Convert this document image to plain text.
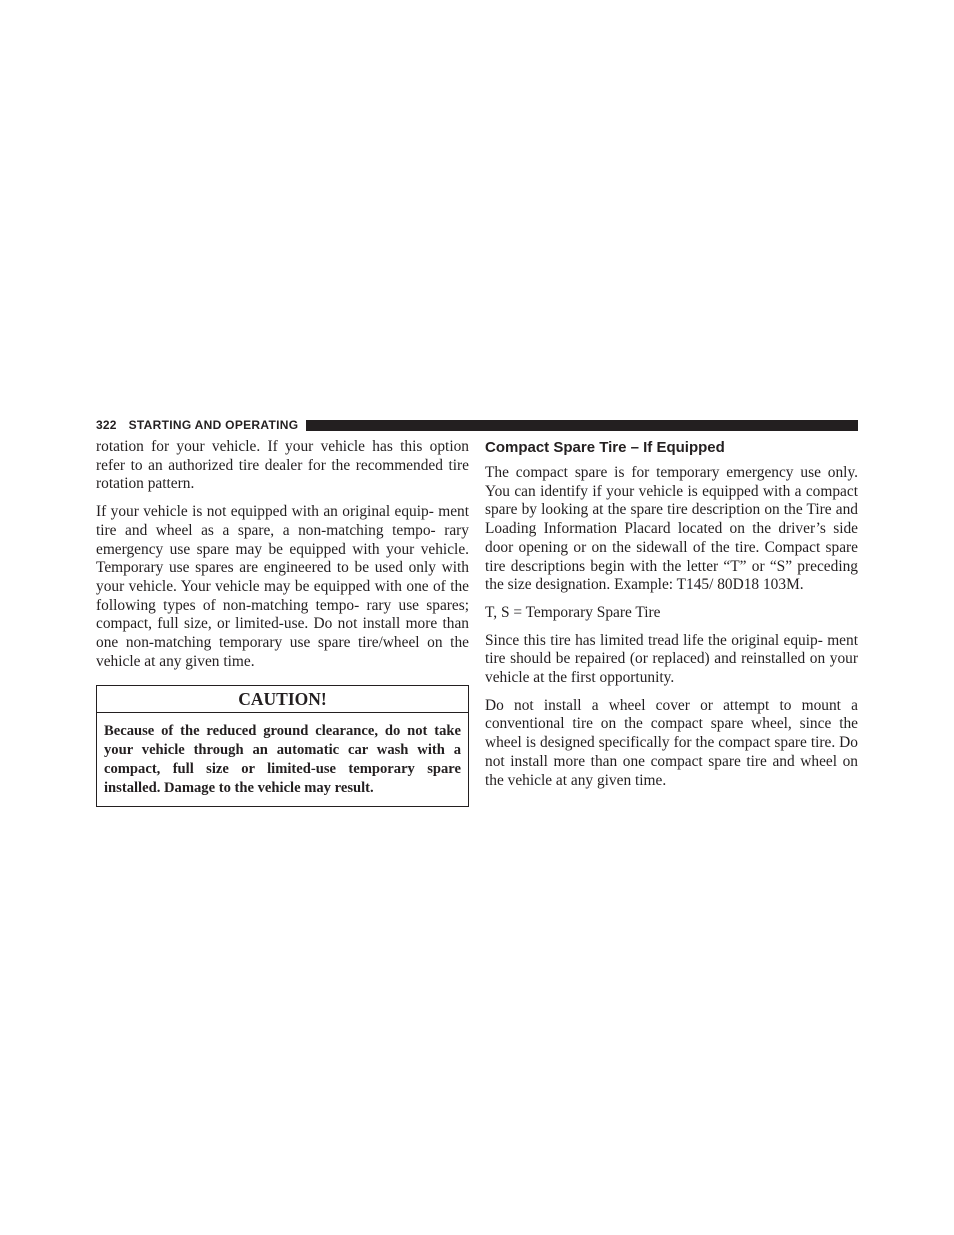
322 STARTING AND OPERATING

rotation for your vehicle. If your vehicle has this option refer to an authorized tire dealer for the recommended tire rotation pattern.

If your vehicle is not equipped with an original equip- ment tire and wheel as a spare, a non-matching tempo- rary emergency use spare may be equipped with your vehicle. Temporary use spares are engineered to be used only with your vehicle. Your vehicle may be equipped with one of the following types of non-matching tempo- rary use spares; compact, full size, or limited-use. Do not install more than one non-matching temporary use spare tire/wheel on the vehicle at any given time.

CAUTION!
Because of the reduced ground clearance, do not take your vehicle through an automatic car wash with a compact, full size or limited-use temporary spare installed. Damage to the vehicle may result.
Compact Spare Tire – If Equipped

The compact spare is for temporary emergency use only. You can identify if your vehicle is equipped with a compact spare by looking at the spare tire description on the Tire and Loading Information Placard located on the driver’s side door opening or on the sidewall of the tire. Compact spare tire descriptions begin with the letter “T” or “S” preceding the size designation. Example: T145/ 80D18 103M.

T, S = Temporary Spare Tire

Since this tire has limited tread life the original equip- ment tire should be repaired (or replaced) and reinstalled on your vehicle at the first opportunity.

Do not install a wheel cover or attempt to mount a conventional tire on the compact spare wheel, since the wheel is designed specifically for the compact spare tire. Do not install more than one compact spare tire and wheel on the vehicle at any given time.
